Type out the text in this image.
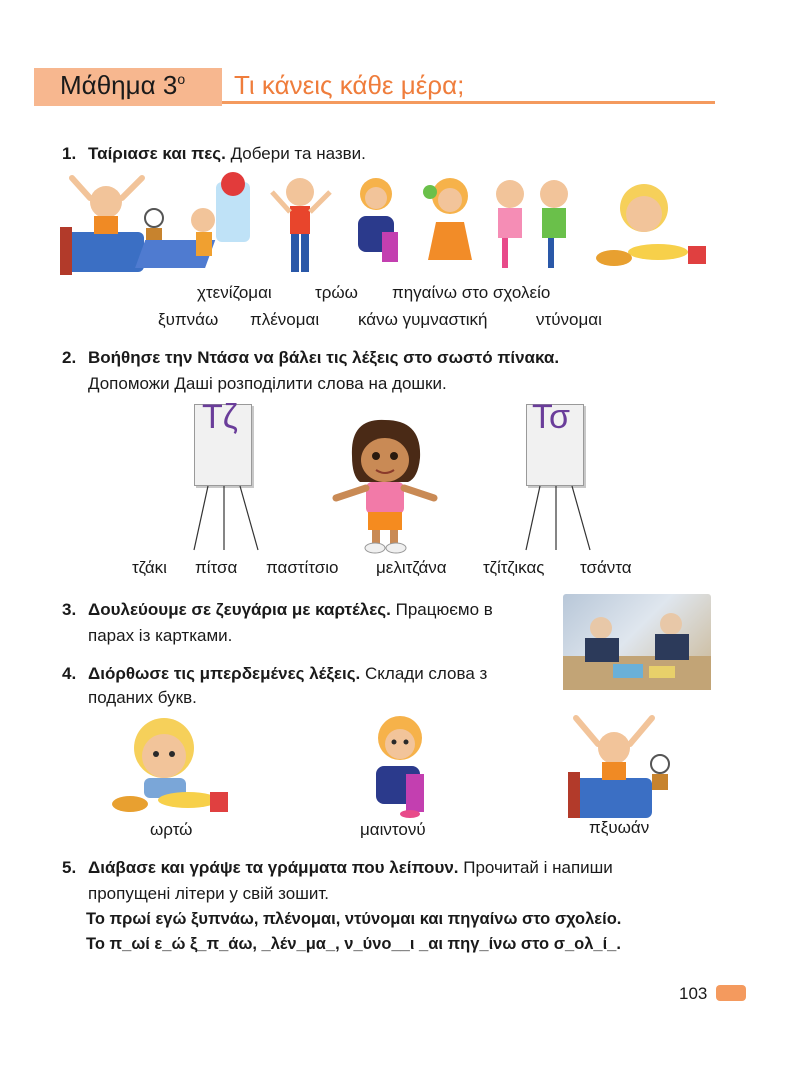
Μάθημα $3^o$ Τι κάνεις κάθε μέρα;
1. Ταίριασε και πες. Добери та назви.
χτενίζομαι	τρώω πηγαίνω στο σχολείο
ξυπνάω πλένομαι κάνω γυμναστική	ντύνομαι
2. Βοήθησε την Ντάσα να βάλει τις λέξεις στο σωστό πίνακα.
Допоможи Даші розподілити слова на дошки.
Τζ	Τσ
τζάκι πίτσα παστίτσιο μελιτζάνα τζίτζικας τσάντα
3. Δουλεύουμε σε ζευγάρια με καρτέλες. Працюємо в
парах із картками.
4. Διόρθωσε τις μπερδεμένες λέξεις. Склади слова з
поданих букв.
ωρτώ	μαιντονύ	πξυωάν
5. Διάβασε και γράψε τα γράμματα που λείπουν. Прочитай і напиши
пропущені літери у свій зошит.
Το πρωί εγώ ξυπνάω, πλένομαι, ντύνομαι και πηγαίνω στο σχολείο.
Το π_ωί ε_ώ ξ_π_άω, _λέν_μα_, ν_ύνο__ι _αι πηγ_ίνω στο σ_ολ_ί_.
103
